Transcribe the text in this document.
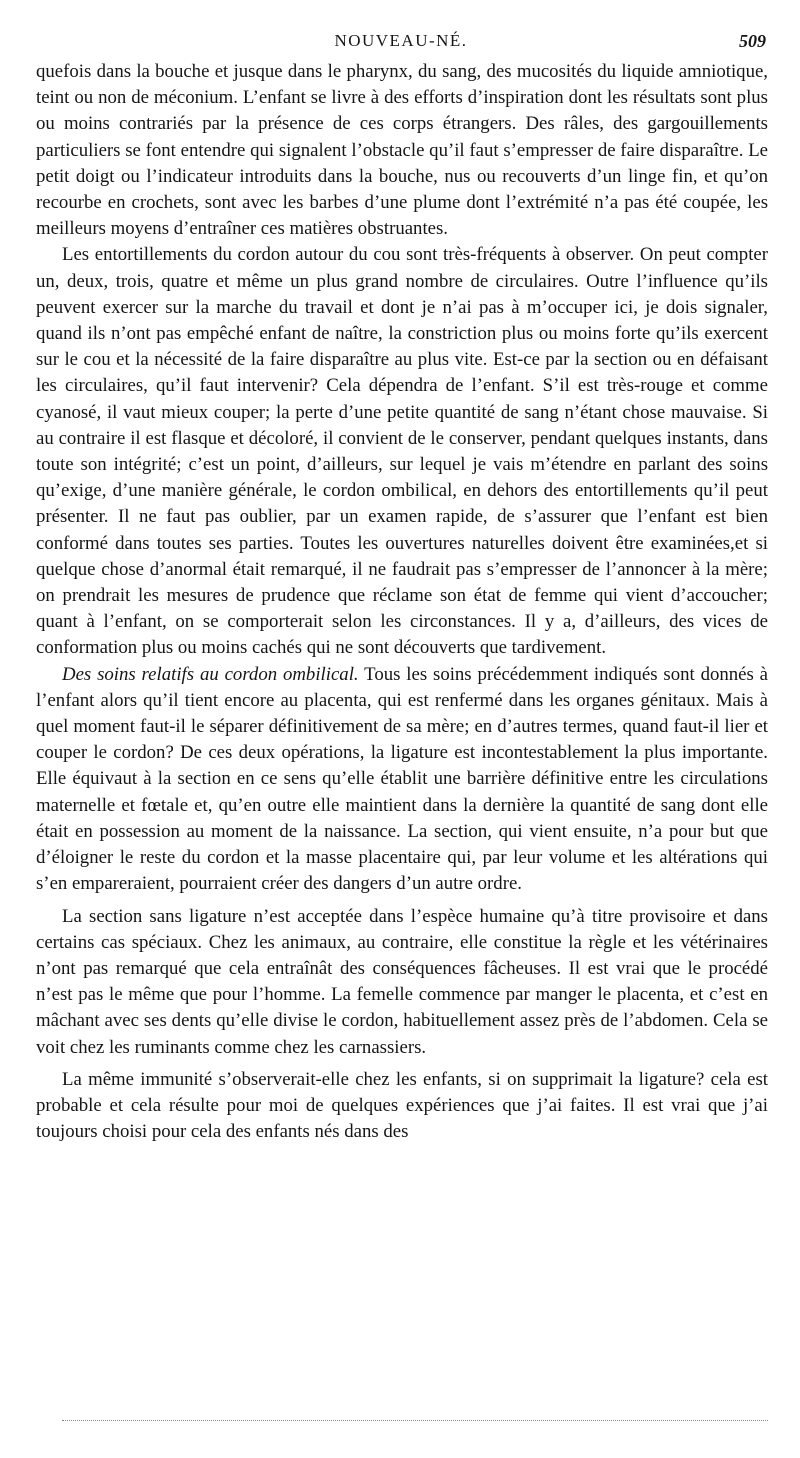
NOUVEAU-NÉ.	509

quefois dans la bouche et jusque dans le pharynx, du sang, des mucosités du liquide amniotique, teint ou non de méconium. L’enfant se livre à des efforts d’inspiration dont les résultats sont plus ou moins contrariés par la présence de ces corps étrangers. Des râles, des gargouillements particuliers se font entendre qui signalent l’obstacle qu’il faut s’empresser de faire disparaître. Le petit doigt ou l’indicateur introduits dans la bouche, nus ou recouverts d’un linge fin, et qu’on recourbe en crochets, sont avec les barbes d’une plume dont l’extrémité n’a pas été coupée, les meilleurs moyens d’entraîner ces matières obstruantes.

Les entortillements du cordon autour du cou sont très-fréquents à observer. On peut compter un, deux, trois, quatre et même un plus grand nombre de circulaires. Outre l’influence qu’ils peuvent exercer sur la marche du travail et dont je n’ai pas à m’occuper ici, je dois signaler, quand ils n’ont pas empêché enfant de naître, la constriction plus ou moins forte qu’ils exercent sur le cou et la nécessité de la faire disparaître au plus vite. Est-ce par la section ou en défaisant les circulaires, qu’il faut intervenir? Cela dépendra de l’enfant. S’il est très-rouge et comme cyanosé, il vaut mieux couper; la perte d’une petite quantité de sang n’étant chose mauvaise. Si au contraire il est flasque et décoloré, il convient de le conserver, pendant quelques instants, dans toute son intégrité; c’est un point, d’ailleurs, sur lequel je vais m’étendre en parlant des soins qu’exige, d’une manière générale, le cordon ombilical, en dehors des entortillements qu’il peut présenter. Il ne faut pas oublier, par un examen rapide, de s’assurer que l’enfant est bien conformé dans toutes ses parties. Toutes les ouvertures naturelles doivent être examinées,et si quelque chose d’anormal était remarqué, il ne faudrait pas s’empresser de l’annoncer à la mère; on prendrait les mesures de prudence que réclame son état de femme qui vient d’accoucher; quant à l’enfant, on se comporterait selon les circonstances. Il y a, d’ailleurs, des vices de conformation plus ou moins cachés qui ne sont découverts que tardivement.

Des soins relatifs au cordon ombilical. Tous les soins précédemment indiqués sont donnés à l’enfant alors qu’il tient encore au placenta, qui est renfermé dans les organes génitaux. Mais à quel moment faut-il le séparer définitivement de sa mère; en d’autres termes, quand faut-il lier et couper le cordon? De ces deux opérations, la ligature est incontestablement la plus importante. Elle équivaut à la section en ce sens qu’elle établit une barrière définitive entre les circulations maternelle et fœtale et, qu’en outre elle maintient dans la dernière la quantité de sang dont elle était en possession au moment de la naissance. La section, qui vient ensuite, n’a pour but que d’éloigner le reste du cordon et la masse placentaire qui, par leur volume et les altérations qui s’en empareraient, pourraient créer des dangers d’un autre ordre.

La section sans ligature n’est acceptée dans l’espèce humaine qu’à titre provisoire et dans certains cas spéciaux. Chez les animaux, au contraire, elle constitue la règle et les vétérinaires n’ont pas remarqué que cela entraînât des conséquences fâcheuses. Il est vrai que le procédé n’est pas le même que pour l’homme. La femelle commence par manger le placenta, et c’est en mâchant avec ses dents qu’elle divise le cordon, habituellement assez près de l’abdomen. Cela se voit chez les ruminants comme chez les carnassiers.

La même immunité s’observerait-elle chez les enfants, si on supprimait la ligature? cela est probable et cela résulte pour moi de quelques expériences que j’ai faites. Il est vrai que j’ai toujours choisi pour cela des enfants nés dans des
